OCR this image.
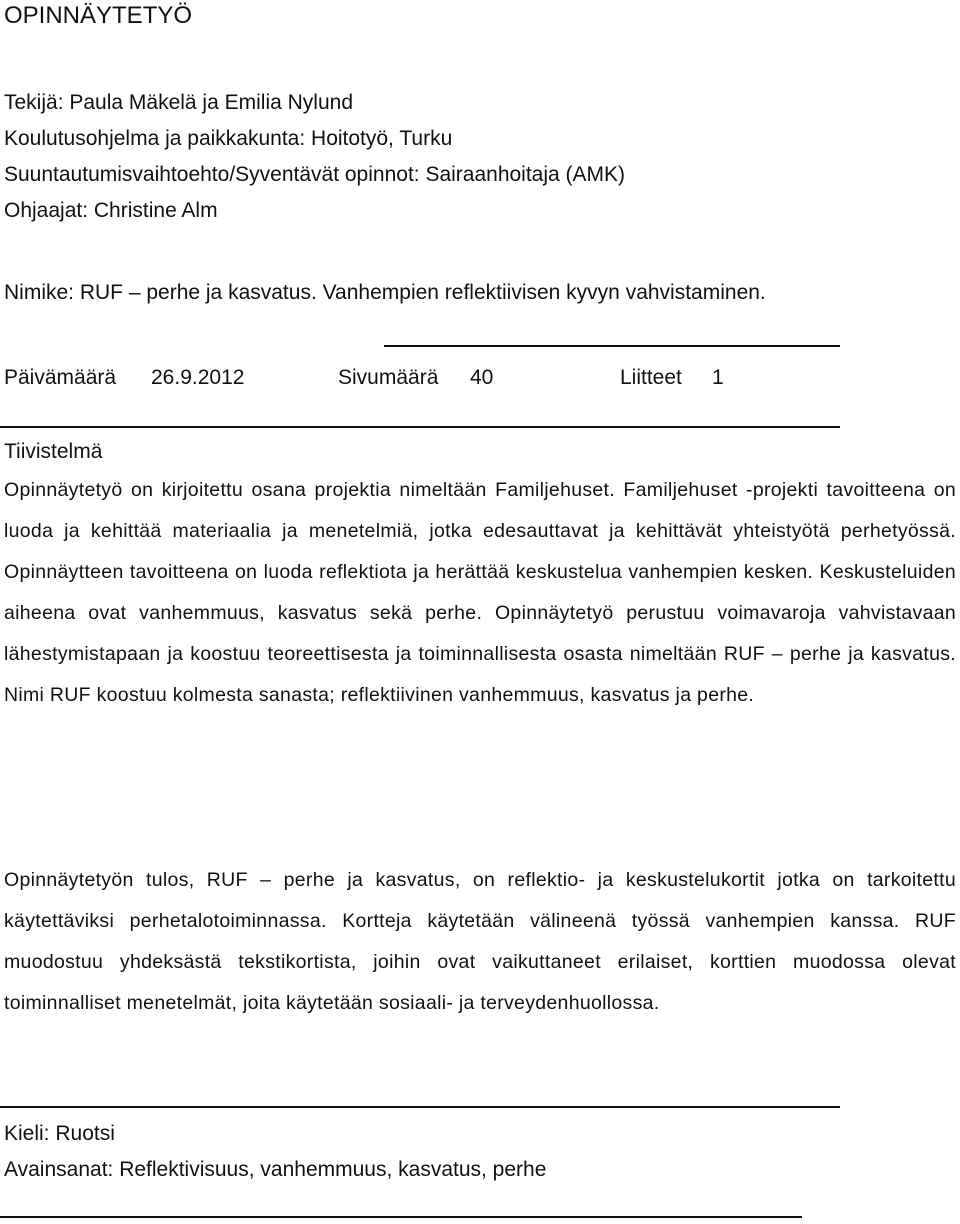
OPINNÄYTETYÖ
Tekijä: Paula Mäkelä ja Emilia Nylund
Koulutusohjelma ja paikkakunta: Hoitotyö, Turku
Suuntautumisvaihtoehto/Syventävät opinnot: Sairaanhoitaja (AMK)
Ohjaajat: Christine Alm
Nimike: RUF – perhe ja kasvatus. Vanhempien reflektiivisen kyvyn vahvistaminen.
Päivämäärä 26.9.2012	Sivumäärä 40	Liitteet 1
Tiivistelmä
Opinnäytetyö on kirjoitettu osana projektia nimeltään Familjehuset. Familjehuset -projekti tavoitteena on luoda ja kehittää materiaalia ja menetelmiä, jotka edesauttavat ja kehittävät yhteistyötä perhetyössä. Opinnäytteen tavoitteena on luoda reflektiota ja herättää keskustelua vanhempien kesken. Keskusteluiden aiheena ovat vanhemmuus, kasvatus sekä perhe. Opinnäytetyö perustuu voimavaroja vahvistavaan lähestymistapaan ja koostuu teoreettisesta ja toiminnallisesta osasta nimeltään RUF – perhe ja kasvatus. Nimi RUF koostuu kolmesta sanasta; reflektiivinen vanhemmuus, kasvatus ja perhe.
Opinnäytetyön tulos, RUF – perhe ja kasvatus, on reflektio- ja keskustelukortit jotka on tarkoitettu käytettäviksi perhetalotoiminnassa. Kortteja käytetään välineenä työssä vanhempien kanssa. RUF muodostuu yhdeksästä tekstikortista, joihin ovat vaikuttaneet erilaiset, korttien muodossa olevat toiminnalliset menetelmät, joita käytetään sosiaali- ja terveydenhuollossa.
Kieli: Ruotsi
Avainsanat: Reflektivisuus, vanhemmuus, kasvatus, perhe
